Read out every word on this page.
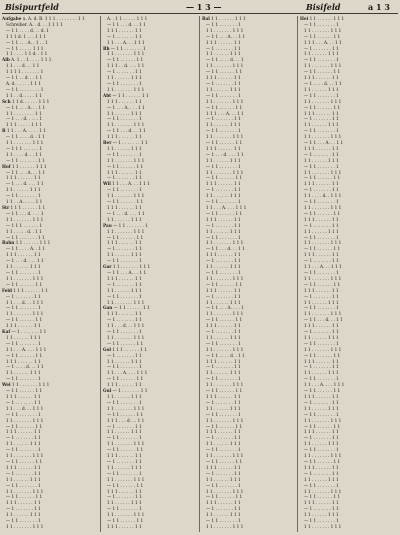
Bisipurtfeld	— 1 3 —	Bisifeld	a 1 3
Aufgabe u. A. d. B. 1 1 1 . . . . . . . . 1 1
Schreiber. A. . d. . . 1 1 1 1
— 1 1 . . . . d. . . d. 1
1 1 1 d. 1 . . . 1 1 1
— 1 1 . . . A. . 1 . . 1
— 1 1 . . . . . 1 1 1
1 1 . . . . 1 1 d. . 1 1
Alb A. 1 . . 1 . . . . 1 1 1
1 1 . . . d. . . 1 1
1 1 1 1 . . . . . . . 1
— 1 1 . . d. . . 1 1
A. d. . . . . . 1 1 1
— 1 1 . . . . . . . . 1
1 1 . . d. . . . . 1 1
Sch 1 1 d. . . . . . 1 1 1
— 1 1 . . . A. . . 1 1
1 1 . . . . . . . . 1 1
— 1 . . . d. . . . . 1
1 1 1 . . . . . 1 1 1
B 1 1 . . . A. . . . . 1 1
— 1 1 . . . . d. . 1 1
1 1 . . . . . . . 1 1 1
— 1 1 1 . . . . . . 1
1 1 . . . . d. . . 1 1
— 1 1 . . . . . . . 1 1
Hof 1 1 . . . . . . 1 1 1
— 1 1 . . . A. . . 1 1
1 1 1 . . . . . . 1 1
— 1 . . . d. . . . 1 1
1 1 . . . . . . 1 1 1
— 1 1 . . . . . . . 1
1 1 . . A. . . . . 1 1
Str 1 1 1 . . . . . . 1 1
— 1 1 . . . d. . . . 1
1 1 . . . . . . . 1 1 1
— 1 1 1 . . . . . . 1
1 1 . . . . . d. . 1 1
— 1 1 . . . . . . . 1 1
Bahn 1 1 . . . . . . 1 1 1
— 1 1 . . . . A. . 1 1
1 1 1 . . . . . . 1 1
— 1 . . . d. . . . 1 1
1 1 . . . . . . 1 1 1
— 1 1 . . . . . . . 1
1 1 . . . . . . . 1 1 1
— 1 1 . . . . . . 1 1
Feld 1 1 1 . . . . . . 1 1
— 1 . . . . . . . 1 1
1 1 . . . d. . . 1 1 1
— 1 1 . . . . . . . 1
1 1 . . . . . . . 1 1 1
— 1 1 . . . . . . 1 1
1 1 1 . . . . . . 1 1
Kaf — 1 . . . . . . . 1 1
1 1 . . . . . . 1 1 1
— 1 1 . . . . . . . 1
1 1 . . . A. . . . 1 1 1
— 1 1 . . . . . . 1 1
1 1 1 . . . . . . 1 1
— 1 . . . . d. . . 1 1
1 1 . . . . . . 1 1 1
— 1 1 . . . . . . . 1
Wei 1 1 . . . . . . . 1 1 1
— 1 1 . . . . . . 1 1
1 1 1 . . . . . . 1 1
— 1 . . . . . . . 1 1
1 1 . . . d. . . 1 1 1
— 1 1 . . . . . . . 1
1 1 . . . . . . . 1 1 1
— 1 1 . . . . . . 1 1
1 1 1 . . . . . . 1 1
— 1 . . . . . . . 1 1
1 1 . . . . . . 1 1 1
— 1 1 . . . . . . . 1
1 1 . . . . . . . 1 1 1
— 1 1 . . . . . . 1 1
1 1 1 . . . . . . 1 1
— 1 . . . . . . . 1 1
1 1 . . . . . . 1 1 1
— 1 1 . . . . . . . 1
1 1 . . . . . . . 1 1 1
— 1 1 . . . . . . 1 1
1 1 1 . . . . . . 1 1
— 1 . . . . . . . 1 1
1 1 . . . . . . 1 1 1
— 1 1 . . . . . . . 1
1 1 . . . . . . . 1 1 1
A. . 1 1 . . . . . 1 1 1
— 1 1 . . . d. . . 1 1
1 1 1 . . . . . . 1 1
— 1 . . . . . . . 1 1
1 1 . . . A. . . 1 1 1
Rh — 1 1 . . . . . . . 1
1 1 . . . . . . . 1 1 1
— 1 1 . . . . . . 1 1
1 1 1 . . d. . . . 1 1
— 1 . . . . . . . 1 1
1 1 . . . . . . 1 1 1
— 1 1 . . . . . . . 1
1 1 . . . . . . . 1 1 1
Abt — 1 1 . . . . . . 1 1
1 1 1 . . . . . . 1 1
— 1 . . . A. . . . 1 1
1 1 . . . . . . 1 1 1
— 1 1 . . . . . . . 1
1 1 . . . . . . . 1 1 1
— 1 1 . . . d. . . 1 1
1 1 1 . . . . . . 1 1
Ber — 1 . . . . . . . 1 1
1 1 . . . . . . 1 1 1
— 1 1 . . . . . . . 1
1 1 . . . . . . . 1 1 1
— 1 1 . . . . . . 1 1
1 1 1 . . . . . . 1 1
— 1 . . . . . . . 1 1
Wil 1 1 . . . A. . . 1 1 1
— 1 1 . . . . . . . 1
1 1 . . . . . . . 1 1 1
— 1 1 . . . . . . 1 1
1 1 1 . . . . . . 1 1
— 1 . . . d. . . . 1 1
1 1 . . . . . . 1 1 1
Pau — 1 1 . . . . . . . 1
1 1 . . . . . . . 1 1 1
— 1 1 . . . . . . 1 1
1 1 1 . . . . . . 1 1
— 1 . . . . . . . 1 1
1 1 . . . . . . 1 1 1
— 1 1 . . . . . . . 1
Gar 1 1 . . . . . . . 1 1 1
— 1 1 . . . A. . . 1 1
1 1 1 . . . . . . 1 1
— 1 . . . . . . . 1 1
1 1 . . . . . . 1 1 1
— 1 1 . . . . . . . 1
1 1 . . . . . . . 1 1 1
Gan — 1 1 . . . . . . 1 1
1 1 1 . . . . . . 1 1
— 1 . . . . . . . 1 1
1 1 . . . d. . . 1 1 1
— 1 1 . . . . . . . 1
1 1 . . . . . . . 1 1 1
— 1 1 . . . . . . 1 1
Gol 1 1 1 . . . . . . 1 1
— 1 . . . . . . . 1 1
1 1 . . . . . . 1 1 1
— 1 1 . . . . . . . 1
1 1 . . . A. . . . 1 1 1
— 1 1 . . . . . . 1 1
1 1 1 . . . . . . 1 1
Gul — 1 . . . . . . . 1 1
1 1 . . . . . . 1 1 1
— 1 1 . . . . . . . 1
1 1 . . . . . . . 1 1 1
— 1 1 . . . . . . 1 1
1 1 1 . . . d. . . 1 1
— 1 . . . . . . . 1 1
1 1 . . . . . . 1 1 1
— 1 1 . . . . . . . 1
1 1 . . . . . . . 1 1 1
— 1 1 . . . . . . 1 1
1 1 1 . . . . . . 1 1
— 1 . . . . . . . 1 1
1 1 . . . . . . 1 1 1
— 1 1 . . . . . . . 1
1 1 . . . . . . . 1 1 1
— 1 1 . . . . . . 1 1
1 1 1 . . . . . . 1 1
— 1 . . . . . . . 1 1
1 1 . . . . . . 1 1 1
— 1 1 . . . . . . . 1
1 1 . . . . . . . 1 1 1
— 1 1 . . . . . . 1 1
1 1 1 . . . . . . 1 1
Bal 1 1 . . . . . . 1 1 1
— 1 1 . . . . . . . 1
1 1 . . . . . . . 1 1 1
— 1 1 . . . A. . . 1 1
1 1 1 . . . . . . 1 1
— 1 . . . . . . . 1 1
1 1 . . . . . . 1 1 1
— 1 1 . . . . d. . . 1
1 1 . . . . . . . 1 1 1
— 1 1 . . . . . . 1 1
1 1 1 . . . . . . 1 1
— 1 . . . . . . . 1 1
1 1 . . . . . . 1 1 1
— 1 1 . . . . . . . 1
1 1 . . . . . . . 1 1 1
— 1 1 . . . . . . 1 1
1 1 1 . . . A. . . 1 1
— 1 . . . . . . . 1 1
1 1 . . . . . . 1 1 1
— 1 1 . . . . . . . 1
1 1 . . . . . . . 1 1 1
— 1 1 . . . . . . 1 1
1 1 1 . . . . . . 1 1
— 1 . . . d. . . . 1 1
1 1 . . . . . . 1 1 1
— 1 1 . . . . . . . 1
1 1 . . . . . . . 1 1 1
— 1 1 . . . . . . 1 1
1 1 1 . . . . . . 1 1
— 1 . . . . . . . 1 1
1 1 . . . . . . 1 1 1
— 1 1 . . . . . . . 1
1 1 . . . A. . . . 1 1 1
— 1 1 . . . . . . 1 1
1 1 1 . . . . . . 1 1
— 1 . . . . . . . 1 1
1 1 . . . . . . 1 1 1
— 1 1 . . . . . . . 1
1 1 . . . . . . . 1 1 1
— 1 1 . . . d. . . 1 1
1 1 1 . . . . . . 1 1
— 1 . . . . . . . 1 1
1 1 . . . . . . 1 1 1
— 1 1 . . . . . . . 1
1 1 . . . . . . . 1 1 1
— 1 1 . . . . . . 1 1
1 1 1 . . . . . . 1 1
— 1 . . . . . . . 1 1
1 1 . . . . . . 1 1 1
— 1 1 . . . A. . . . 1
1 1 . . . . . . . 1 1 1
— 1 1 . . . . . . 1 1
1 1 1 . . . . . . 1 1
— 1 . . . . . . . 1 1
1 1 . . . . . . 1 1 1
— 1 1 . . . . . . . 1
1 1 . . . . . . . 1 1 1
— 1 1 . . . . d. . 1 1
1 1 1 . . . . . . 1 1
— 1 . . . . . . . 1 1
1 1 . . . . . . 1 1 1
— 1 1 . . . . . . . 1
1 1 . . . . . . . 1 1 1
— 1 1 . . . . . . 1 1
1 1 1 . . . . . . 1 1
— 1 . . . . . . . 1 1
1 1 . . . . . . 1 1 1
— 1 1 . . . . . . . 1
1 1 . . . . . . . 1 1 1
— 1 1 . . . . . . 1 1
1 1 1 . . . . . . 1 1
— 1 . . . . . . . 1 1
1 1 . . . . . . 1 1 1
— 1 1 . . . . . . . 1
1 1 . . . . . . . 1 1 1
— 1 1 . . . . . . 1 1
1 1 1 . . . . . . 1 1
— 1 . . . . . . . 1 1
1 1 . . . . . . 1 1 1
— 1 1 . . . . . . . 1
1 1 . . . . . . . 1 1 1
— 1 1 . . . . . . 1 1
1 1 1 . . . . . . 1 1
— 1 . . . . . . . 1 1
1 1 . . . . . . 1 1 1
— 1 1 . . . . . . . 1
1 1 . . . . . . . 1 1 1
Hei 1 1 . . . . . . 1 1 1
— 1 1 . . . . . . . 1
1 1 . . . . . . . 1 1 1
— 1 1 . . . . . . 1 1
1 1 1 . . . A. . . 1 1
— 1 . . . . . . . 1 1
1 1 . . . . . . 1 1 1
— 1 1 . . . . . . . 1
1 1 . . . . . . . 1 1 1
— 1 1 . . . . . . 1 1
1 1 1 . . . . . . 1 1
— 1 . . . . d. . . 1 1
1 1 . . . . . . 1 1 1
— 1 1 . . . . . . . 1
1 1 . . . . . . . 1 1 1
— 1 1 . . . . . . 1 1
1 1 1 . . . . . . 1 1
— 1 . . . . . . . 1 1
1 1 . . . . . . 1 1 1
— 1 1 . . . . . . . 1
1 1 . . . . . . . 1 1 1
— 1 1 . . . A. . . 1 1
1 1 1 . . . . . . 1 1
— 1 . . . . . . . 1 1
1 1 . . . . . . 1 1 1
— 1 1 . . . . . . . 1
1 1 . . . . . . . 1 1 1
— 1 1 . . . . . . 1 1
1 1 1 . . . . . . 1 1
— 1 . . . . . . . 1 1
1 1 . . . . d. . 1 1 1
— 1 1 . . . . . . . 1
1 1 . . . . . . . 1 1 1
— 1 1 . . . . . . 1 1
1 1 1 . . . . . . 1 1
— 1 . . . . . . . 1 1
1 1 . . . . . . 1 1 1
— 1 1 . . . . . . . 1
1 1 . . . . . . . 1 1 1
— 1 1 . . . . . . 1 1
1 1 1 . . . . . . 1 1
— 1 . . . . . . . 1 1
1 1 . . . A. . . 1 1 1
— 1 1 . . . . . . . 1
1 1 . . . . . . . 1 1 1
— 1 1 . . . . . . 1 1
1 1 1 . . . . . . 1 1
— 1 . . . . . . . 1 1
1 1 . . . . . . 1 1 1
— 1 1 . . . . . . . 1
1 1 . . . . . . . 1 1 1
— 1 1 . . . d. . . 1 1
1 1 1 . . . . . . 1 1
— 1 . . . . . . . 1 1
1 1 . . . . . . 1 1 1
— 1 1 . . . . . . . 1
1 1 . . . . . . . 1 1 1
— 1 1 . . . . . . 1 1
1 1 1 . . . . . . 1 1
— 1 . . . . . . . 1 1
1 1 . . . . . . 1 1 1
— 1 1 . . . . . . . 1
1 1 . . . A. . . . 1 1 1
— 1 1 . . . . . . 1 1
1 1 1 . . . . . . 1 1
— 1 . . . . . . . 1 1
1 1 . . . . . . 1 1 1
— 1 1 . . . . . . . 1
1 1 . . . . . . . 1 1 1
— 1 1 . . . . . . 1 1
1 1 1 . . . . . . 1 1
— 1 . . . . . . . 1 1
1 1 . . . . . . 1 1 1
— 1 1 . . . . . . . 1
1 1 . . . . . . . 1 1 1
— 1 1 . . . . . . 1 1
1 1 1 . . . . . . 1 1
— 1 . . . . . . . 1 1
1 1 . . . . . . 1 1 1
— 1 1 . . . . . . . 1
1 1 . . . . . . . 1 1 1
— 1 1 . . . . . . 1 1
1 1 1 . . . . . . 1 1
— 1 . . . . . . . 1 1
1 1 . . . . . . 1 1 1
— 1 1 . . . . . . . 1
1 1 . . . . . . . 1 1 1
